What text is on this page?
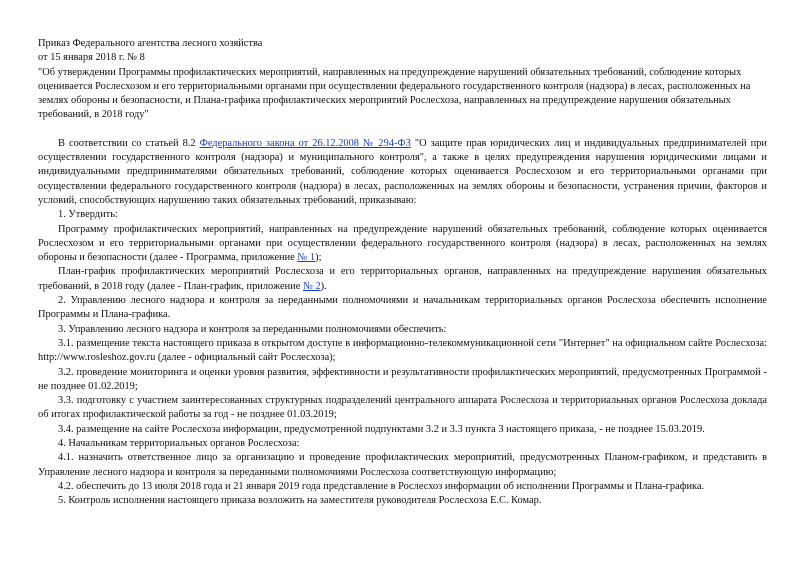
Приказ Федерального агентства лесного хозяйства

от 15 января 2018 г. № 8

"Об утверждении Программы профилактических мероприятий, направленных на предупреждение нарушений обязательных требований, соблюдение которых оценивается Рослесхозом и его территориальными органами при осуществлении федерального государственного контроля (надзора) в лесах, расположенных на землях обороны и безопасности, и Плана-графика профилактических мероприятий Рослесхоза, направленных на предупреждение нарушения обязательных требований, в 2018 году"

В соответствии со статьей 8.2 Федерального закона от 26.12.2008 № 294-ФЗ "О защите прав юридических лиц и индивидуальных предпринимателей при осуществлении государственного контроля (надзора) и муниципального контроля", а также в целях предупреждения нарушения юридическими лицами и индивидуальными предпринимателями обязательных требований, соблюдение которых оценивается Рослесхозом и его территориальными органами при осуществлении федерального государственного контроля (надзора) в лесах, расположенных на землях обороны и безопасности, устранения причин, факторов и условий, способствующих нарушению таких обязательных требований, приказываю:

1. Утвердить:

Программу профилактических мероприятий, направленных на предупреждение нарушений обязательных требований, соблюдение которых оценивается Рослесхозом и его территориальными органами при осуществлении федерального государственного контроля (надзора) в лесах, расположенных на землях обороны и безопасности (далее - Программа, приложение № 1);

План-график профилактических мероприятий Рослесхоза и его территориальных органов, направленных на предупреждение нарушения обязательных требований, в 2018 году (далее - План-график, приложение № 2).

2. Управлению лесного надзора и контроля за переданными полномочиями и начальникам территориальных органов Рослесхоза обеспечить исполнение Программы и Плана-графика.

3. Управлению лесного надзора и контроля за переданными полномочиями обеспечить:

3.1. размещение текста настоящего приказа в открытом доступе в информационно-телекоммуникационной сети "Интернет" на официальном сайте Рослесхоза: http://www.rosleshoz.gov.ru (далее - официальный сайт Рослесхоза);

3.2. проведение мониторинга и оценки уровня развития, эффективности и результативности профилактических мероприятий, предусмотренных Программой - не позднее 01.02.2019;

3.3. подготовку с участием заинтересованных структурных подразделений центрального аппарата Рослесхоза и территориальных органов Рослесхоза доклада об итогах профилактической работы за год - не позднее 01.03.2019;

3.4. размещение на сайте Рослесхоза информации, предусмотренной подпунктами 3.2 и 3.3 пункта 3 настоящего приказа, - не позднее 15.03.2019.

4. Начальникам территориальных органов Рослесхоза:

4.1. назначить ответственное лицо за организацию и проведение профилактических мероприятий, предусмотренных Планом-графиком, и представить в Управление лесного надзора и контроля за переданными полномочиями Рослесхоза соответствующую информацию;

4.2. обеспечить до 13 июля 2018 года и 21 января 2019 года представление в Рослесхоз информации об исполнении Программы и Плана-графика.

5. Контроль исполнения настоящего приказа возложить на заместителя руководителя Рослесхоза Е.С. Комар.
